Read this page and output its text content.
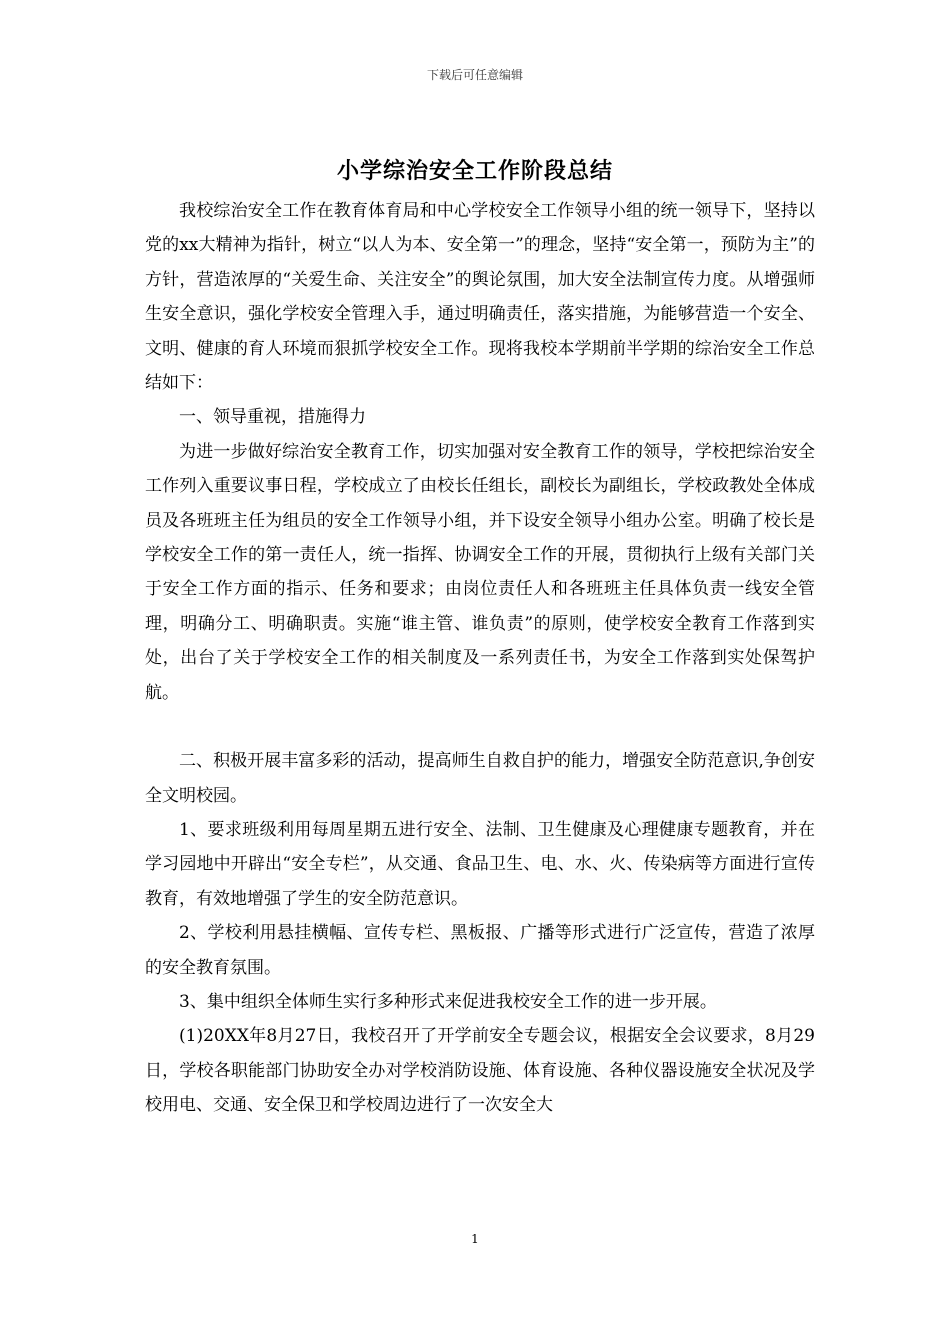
下载后可任意编辑
小学综治安全工作阶段总结

我校综治安全工作在教育体育局和中心学校安全工作领导小组的统一领导下，坚持以党的xx大精神为指针，树立“以人为本、安全第一”的理念，坚持“安全第一，预防为主”的方针，营造浓厚的“关爱生命、关注安全”的舆论氛围，加大安全法制宣传力度。从增强师生安全意识，强化学校安全管理入手，通过明确责任，落实措施，为能够营造一个安全、文明、健康的育人环境而狠抓学校安全工作。现将我校本学期前半学期的综治安全工作总结如下：

一、领导重视，措施得力

为进一步做好综治安全教育工作，切实加强对安全教育工作的领导，学校把综治安全工作列入重要议事日程，学校成立了由校长任组长，副校长为副组长，学校政教处全体成员及各班班主任为组员的安全工作领导小组，并下设安全领导小组办公室。明确了校长是学校安全工作的第一责任人，统一指挥、协调安全工作的开展，贯彻执行上级有关部门关于安全工作方面的指示、任务和要求；由岗位责任人和各班班主任具体负责一线安全管理，明确分工、明确职责。实施“谁主管、谁负责”的原则，使学校安全教育工作落到实处，出台了关于学校安全工作的相关制度及一系列责任书，为安全工作落到实处保驾护航。

二、积极开展丰富多彩的活动，提高师生自救自护的能力，增强安全防范意识,争创安全文明校园。

1、要求班级利用每周星期五进行安全、法制、卫生健康及心理健康专题教育，并在学习园地中开辟出“安全专栏”，从交通、食品卫生、电、水、火、传染病等方面进行宣传教育，有效地增强了学生的安全防范意识。

2、学校利用悬挂横幅、宣传专栏、黑板报、广播等形式进行广泛宣传，营造了浓厚的安全教育氛围。

3、集中组织全体师生实行多种形式来促进我校安全工作的进一步开展。

(1)20XX年8月27日，我校召开了开学前安全专题会议，根据安全会议要求，8月29日，学校各职能部门协助安全办对学校消防设施、体育设施、各种仪器设施安全状况及学校用电、交通、安全保卫和学校周边进行了一次安全大

1
